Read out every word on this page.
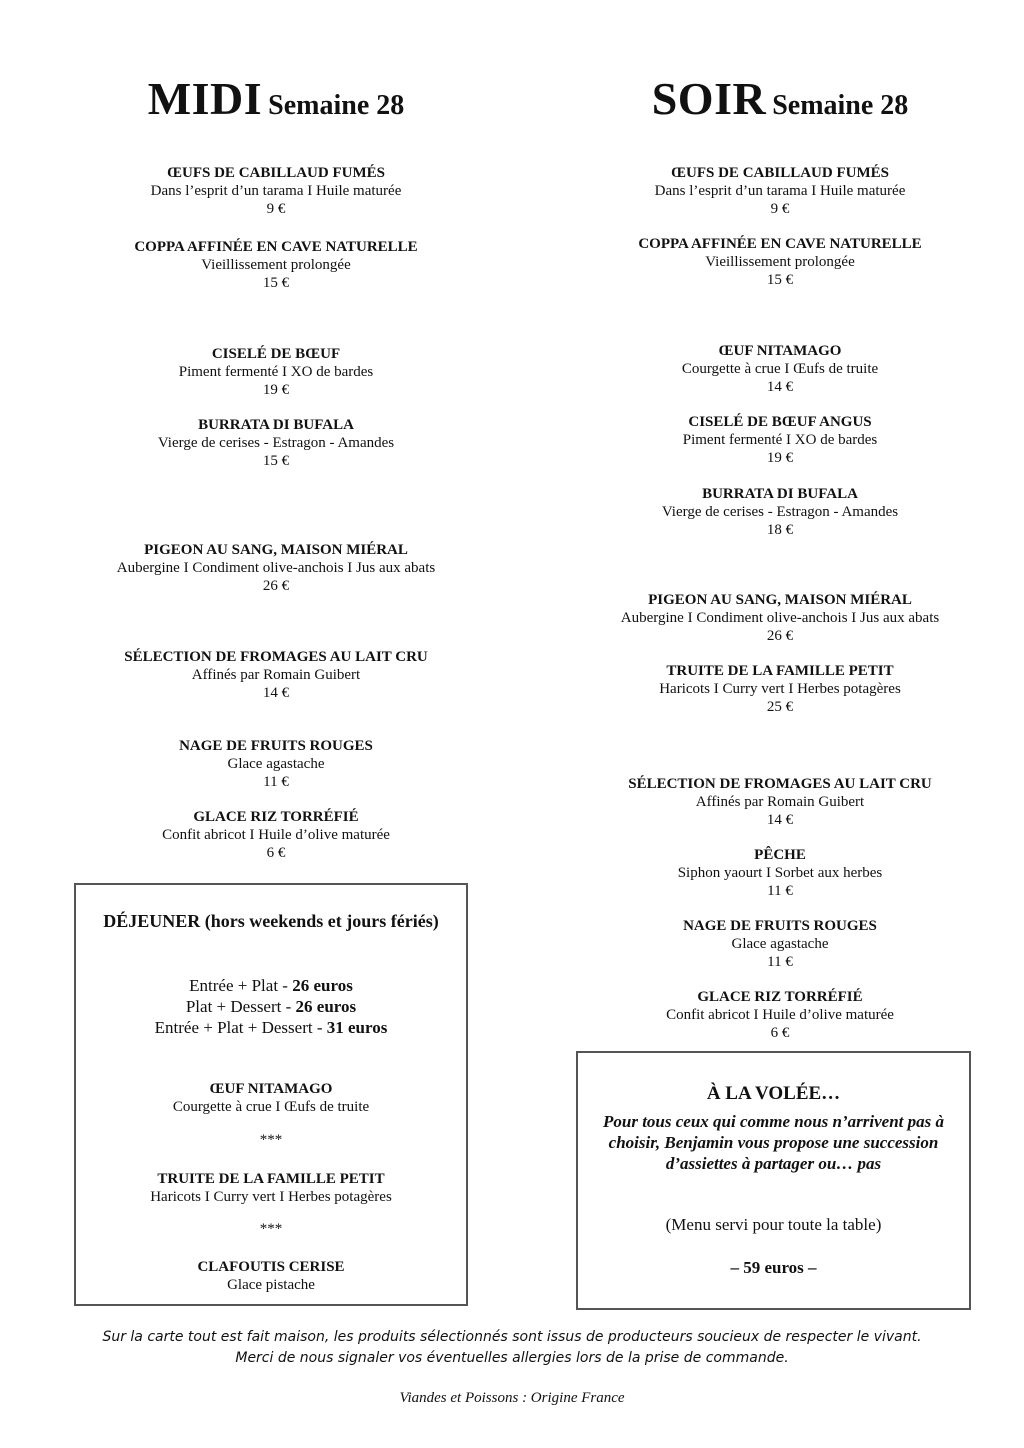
MIDI Semaine 28
ŒUFS DE CABILLAUD FUMÉS
Dans l’esprit d’un tarama I Huile maturée
9 €
COPPA AFFINÉE EN CAVE NATURELLE
Vieillissement prolongée
15 €
CISELÉ DE BŒUF
Piment fermenté I XO de bardes
19 €
BURRATA DI BUFALA
Vierge de cerises - Estragon - Amandes
15 €
PIGEON AU SANG, MAISON MIÉRAL
Aubergine I Condiment olive-anchois I Jus aux abats
26 €
SÉLECTION DE FROMAGES AU LAIT CRU
Affinés par Romain Guibert
14 €
NAGE DE FRUITS ROUGES
Glace agastache
11 €
GLACE RIZ TORRÉFIÉ
Confit abricot I Huile d’olive maturée
6 €
SOIR Semaine 28
ŒUFS DE CABILLAUD FUMÉS
Dans l’esprit d’un tarama I Huile maturée
9 €
COPPA AFFINÉE EN CAVE NATURELLE
Vieillissement prolongée
15 €
ŒUF NITAMAGO
Courgette à crue I Œufs de truite
14 €
CISELÉ DE BŒUF ANGUS
Piment fermenté I XO de bardes
19 €
BURRATA DI BUFALA
Vierge de cerises - Estragon - Amandes
18 €
PIGEON AU SANG, MAISON MIÉRAL
Aubergine I Condiment olive-anchois I Jus aux abats
26 €
TRUITE DE LA FAMILLE PETIT
Haricots I Curry vert I Herbes potagères
25 €
SÉLECTION DE FROMAGES AU LAIT CRU
Affinés par Romain Guibert
14 €
PÊCHE
Siphon yaourt I Sorbet aux herbes
11 €
NAGE DE FRUITS ROUGES
Glace agastache
11 €
GLACE RIZ TORRÉFIÉ
Confit abricot I Huile d’olive maturée
6 €
DÉJEUNER (hors weekends et jours fériés)
Entrée + Plat - 26 euros
Plat + Dessert - 26 euros
Entrée + Plat + Dessert - 31 euros
ŒUF NITAMAGO
Courgette à crue I Œufs de truite
***
TRUITE DE LA FAMILLE PETIT
Haricots I Curry vert I Herbes potagères
***
CLAFOUTIS CERISE
Glace pistache
À LA VOLÉE…
Pour tous ceux qui comme nous n’arrivent pas à choisir, Benjamin vous propose une succession d’assiettes à partager ou… pas
(Menu servi pour toute la table)
– 59 euros –
Sur la carte tout est fait maison, les produits sélectionnés sont issus de producteurs soucieux de respecter le vivant.
Merci de nous signaler vos éventuelles allergies lors de la prise de commande.
Viandes et Poissons : Origine France
